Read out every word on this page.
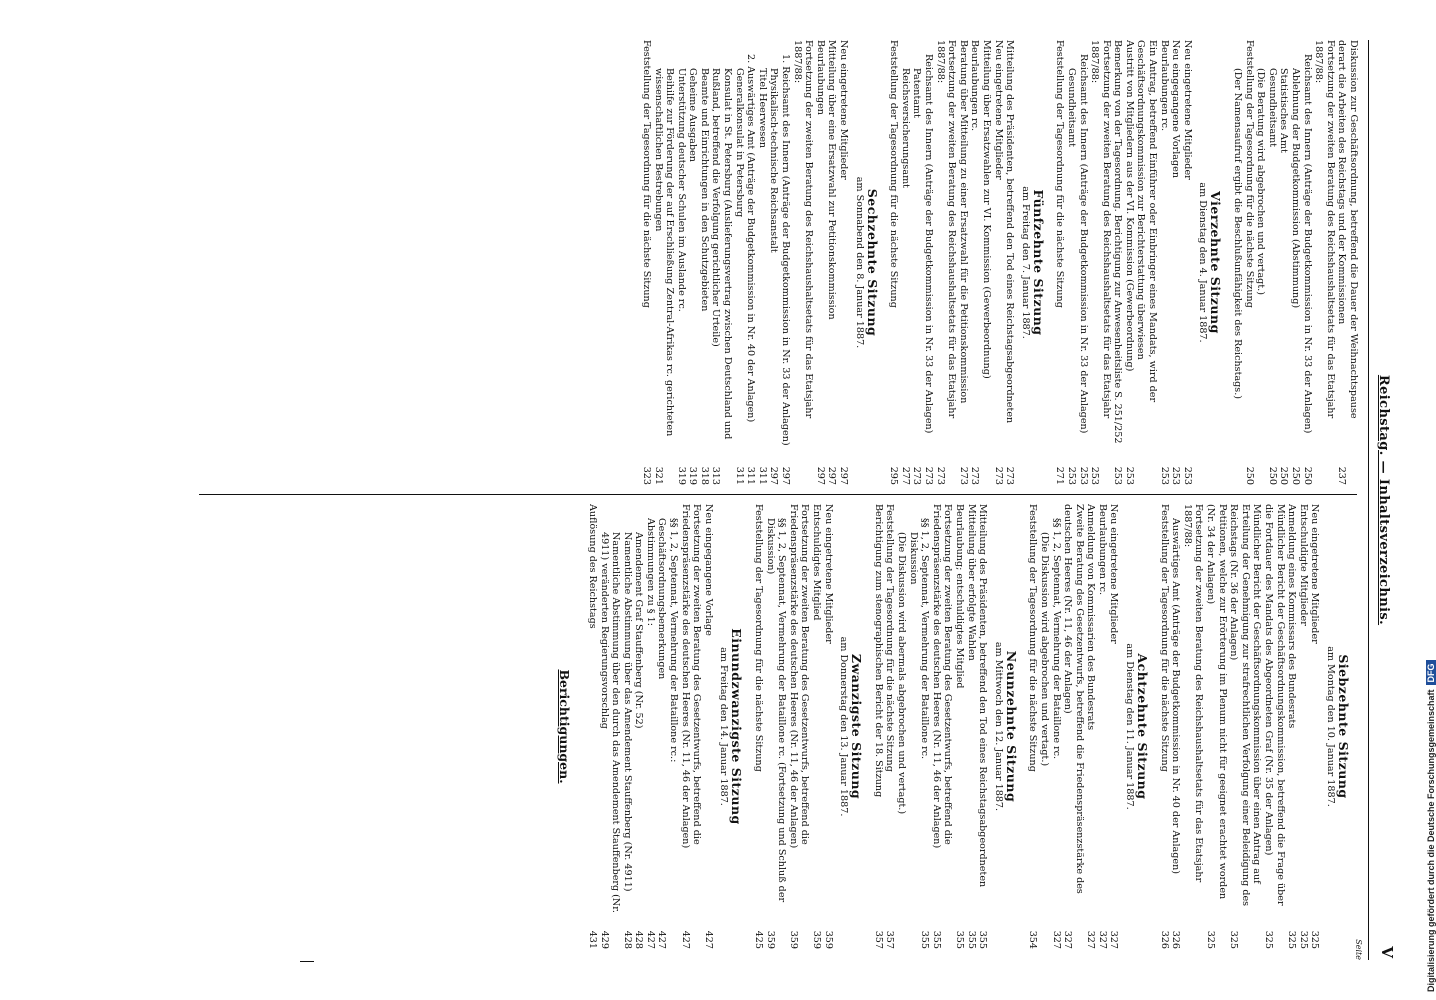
Reichstag. — Inhaltsverzeichnis.
V
Seite
Diskussion zur Geschäftsordnung, betreffend die Dauer der Weihnachtspause derart die Arbeiten des Reichstags und der Kommissionen
237
Fortsetzung der zweiten Beratung des Reichshaushaltsetats für das Etatsjahr 1887/88:
Reichsamt des Innern (Anträge der Budgetkommission in Nr. 33 der Anlagen)
250
Ablehnung der Budgetkommission (Abstimmung)
250
Statistisches Amt
250
Gesundheitsamt
250
(Die Beratung wird abgebrochen und vertagt.)
Feststellung der Tagesordnung für die nächste Sitzung
250
(Der Namensaufruf ergibt die Beschlußunfähigkeit des Reichstags.)
Vierzehnte Sitzung
am Dienstag den 4. Januar 1887.
Neu eingetretene Mitglieder
253
Neu eingegangene Vorlagen
253
Beurlaubungen rc.
253
Ein Antrag, betreffend Einführer oder Einbringer eines Mandats, wird der Geschäftsordnungskommission zur Berichterstattung überwiesen
Austritt von Mitgliedern aus der VI. Kommission (Gewerbeordnung)
253
Bemerkung von der Tagesordnung. Berichtigung zur Anwesenheitsliste S. 251/252
253
Fortsetzung der zweiten Beratung des Reichshaushaltsetats für das Etatsjahr 1887/88:
253
Reichsamt des Innern (Anträge der Budgetkommission in Nr. 33 der Anlagen)
253
Gesundheitsamt
253
Feststellung der Tagesordnung für die nächste Sitzung
271
Fünfzehnte Sitzung
am Freitag den 7. Januar 1887.
Mitteilung des Präsidenten, betreffend den Tod eines Reichstagsabgeordneten
273
Neu eingetretene Mitglieder
273
Mitteilung über Ersatzwahlen zur VI. Kommission (Gewerbeordnung)
Beurlaubungen rc.
273
Beratung über Mitteilung zu einer Ersatzwahl für die Petitionskommission
273
Fortsetzung der zweiten Beratung des Reichshaushaltsetats für das Etatsjahr 1887/88:
273
Reichsamt des Innern (Anträge der Budgetkommission in Nr. 33 der Anlagen)
273
Patentamt
273
Reichsversicherungsamt
277
Feststellung der Tagesordnung für die nächste Sitzung
295
Sechzehnte Sitzung
am Sonnabend den 8. Januar 1887.
Neu eingetretene Mitglieder
297
Mitteilung über eine Ersatzwahl zur Petitionskommission
297
Beurlaubungen
297
Fortsetzung der zweiten Beratung des Reichshaushaltsetats für das Etatsjahr 1887/88:
1. Reichsamt des Innern (Anträge der Budgetkommission in Nr. 33 der Anlagen)
297
Physikalisch-technische Reichsanstalt
297
Titel Heerwesen
311
2. Auswärtiges Amt (Anträge der Budgetkommission in Nr. 40 der Anlagen)
311
Generalkonsulat in Petersburg
311
Konsulat in St. Petersburg (Auslieferungsvertrag zwischen Deutschland und Rußland, betreffend die Verfolgung gerichtlicher Urteile)
313
Beamte und Einrichtungen in den Schutzgebieten
318
Geheime Ausgaben
319
Unterstützung deutscher Schulen im Auslande rc.
319
Beihilfe zur Förderung der auf Erschließung Zentral-Afrikas rc. gerichteten wissenschaftlichen Bestrebungen
321
Feststellung der Tagesordnung für die nächste Sitzung
323
Siebzehnte Sitzung
am Montag den 10. Januar 1887.
Neu eingetretene Mitglieder
325
Entschuldigte Mitglieder
325
Anmeldung eines Kommissars des Bundesrats
325
Mündlicher Bericht der Geschäftsordnungskommission, betreffend die Frage über die Fortdauer des Mandats des Abgeordneten Graf (Nr. 35 der Anlagen)
325
Mündlicher Bericht der Geschäftsordnungskommission über einen Antrag auf Erteilung der Genehmigung zur strafrechtlichen Verfolgung einer Beleidigung des Reichstags (Nr. 36 der Anlagen)
325
Petitionen, welche zur Erörterung im Plenum nicht für geeignet erachtet worden (Nr. 34 der Anlagen)
325
Fortsetzung der zweiten Beratung des Reichshaushaltsetats für das Etatsjahr 1887/88:
Auswärtiges Amt (Anträge der Budgetkommission in Nr. 40 der Anlagen)
326
Feststellung der Tagesordnung für die nächste Sitzung
326
Achtzehnte Sitzung
am Dienstag den 11. Januar 1887.
Neu eingetretene Mitglieder
327
Beurlaubungen rc.
327
Anmeldung von Kommissarien des Bundesrats
327
Zweite Beratung des Gesetzentwurfs, betreffend die Friedenspräsenzstärke des deutschen Heeres (Nr. 11, 46 der Anlagen)
327
§§ 1, 2, Septennat, Vermehrung der Bataillone rc.
327
(Die Diskussion wird abgebrochen und vertagt.)
Feststellung der Tagesordnung für die nächste Sitzung
354
Neunzehnte Sitzung
am Mittwoch den 12. Januar 1887.
Mitteilung des Präsidenten, betreffend den Tod eines Reichstagsabgeordneten
355
Mitteilung über erfolgte Wahlen
355
Beurlaubung; entschuldigtes Mitglied
355
Fortsetzung der zweiten Beratung des Gesetzentwurfs, betreffend die Friedenspräsenzstärke des deutschen Heeres (Nr. 11, 46 der Anlagen)
355
§§ 1, 2, Septennat, Vermehrung der Bataillone rc.
355
Diskussion
(Die Diskussion wird abermals abgebrochen und vertagt.)
Feststellung der Tagesordnung für die nächste Sitzung
357
Berichtigung zum stenographischen Bericht der 18. Sitzung
357
Zwanzigste Sitzung
am Donnerstag den 13. Januar 1887.
Neu eingetretene Mitglieder
359
Entschuldigtes Mitglied
359
Fortsetzung der zweiten Beratung des Gesetzentwurfs, betreffend die Friedenspräsenzstärke des deutschen Heeres (Nr. 11, 46 der Anlagen)
359
§§ 1, 2, Septennat, Vermehrung der Bataillone rc. (Fortsetzung und Schluß der Diskussion)
359
Feststellung der Tagesordnung für die nächste Sitzung
425
Einundzwanzigste Sitzung
am Freitag den 14. Januar 1887.
Neu eingegangene Vorlage
427
Fortsetzung der zweiten Beratung des Gesetzentwurfs, betreffend die Friedenspräsenzstärke des deutschen Heeres (Nr. 11, 46 der Anlagen)
427
§§ 1, 2, Septennat, Vermehrung der Bataillone rc.: Geschäftsordnungsbemerkungen
427
Abstimmungen zu § 1:
427
Amendement Graf Stauffenberg (Nr. 52)
428
Namentliche Abstimmung über das Amendement Stauffenberg (Nr. 4911)
428
Namentliche Abstimmung über den durch das Amendement Stauffenberg (Nr. 4911) veränderten Regierungsvorschlag
429
Auflösung des Reichstags
431
Berichtigungen.	Digitalisierung gefördert durch die Deutsche ForschungsgemeinschaftDFG
